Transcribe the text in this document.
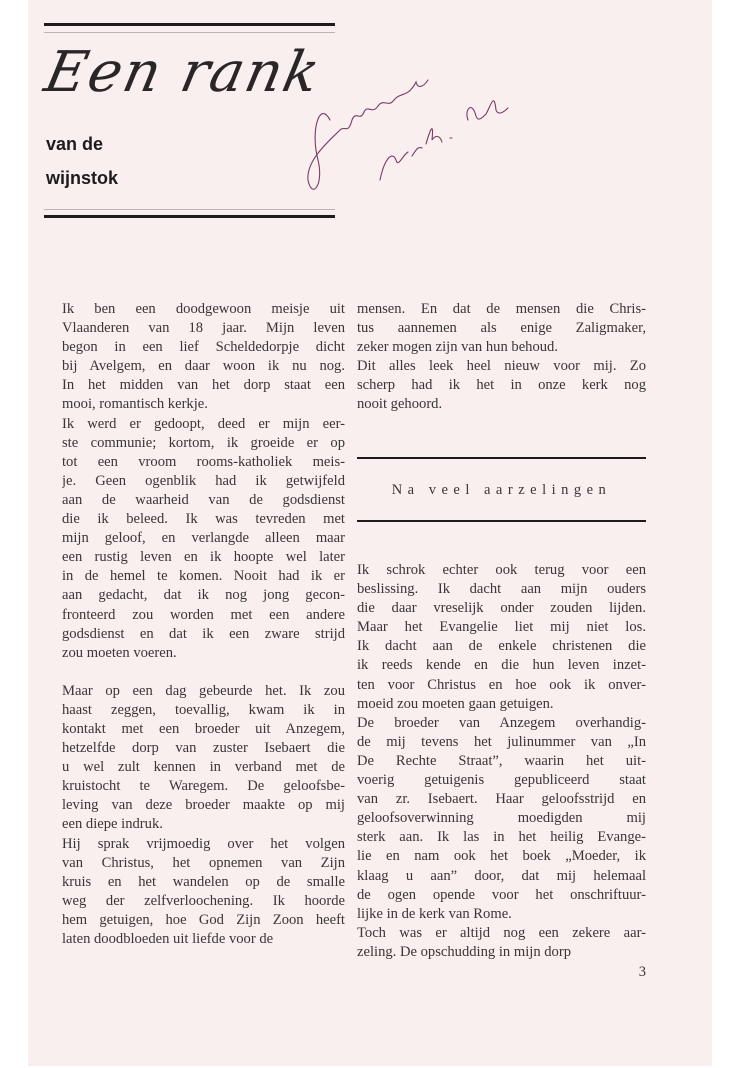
Een rank
van de
wijnstok
Ik ben een doodgewoon meisje uit
Vlaanderen van 18 jaar. Mijn leven
begon in een lief Scheldedorpje dicht
bij Avelgem, en daar woon ik nu nog.
In het midden van het dorp staat een
mooi, romantisch kerkje.
Ik werd er gedoopt, deed er mijn eer-
ste communie; kortom, ik groeide er op
tot een vroom rooms-katholiek meis-
je. Geen ogenblik had ik getwijfeld
aan de waarheid van de godsdienst
die ik beleed. Ik was tevreden met
mijn geloof, en verlangde alleen maar
een rustig leven en ik hoopte wel later
in de hemel te komen. Nooit had ik er
aan gedacht, dat ik nog jong gecon-
fronteerd zou worden met een andere
godsdienst en dat ik een zware strijd
zou moeten voeren.
Maar op een dag gebeurde het. Ik zou
haast zeggen, toevallig, kwam ik in
kontakt met een broeder uit Anzegem,
hetzelfde dorp van zuster Isebaert die
u wel zult kennen in verband met de
kruistocht te Waregem. De geloofsbe-
leving van deze broeder maakte op mij
een diepe indruk.
Hij sprak vrijmoedig over het volgen
van Christus, het opnemen van Zijn
kruis en het wandelen op de smalle
weg der zelfverloochening. Ik hoorde
hem getuigen, hoe God Zijn Zoon heeft
laten doodbloeden uit liefde voor de
mensen. En dat de mensen die Chris-
tus aannemen als enige Zaligmaker,
zeker mogen zijn van hun behoud.
Dit alles leek heel nieuw voor mij. Zo
scherp had ik het in onze kerk nog
nooit gehoord.
Na veel aarzelingen
Ik schrok echter ook terug voor een
beslissing. Ik dacht aan mijn ouders
die daar vreselijk onder zouden lijden.
Maar het Evangelie liet mij niet los.
Ik dacht aan de enkele christenen die
ik reeds kende en die hun leven inzet-
ten voor Christus en hoe ook ik onver-
moeid zou moeten gaan getuigen.
De broeder van Anzegem overhandig-
de mij tevens het julinummer van „In
De Rechte Straat”, waarin het uit-
voerig getuigenis gepubliceerd staat
van zr. Isebaert. Haar geloofsstrijd en
geloofsoverwinning moedigden mij
sterk aan. Ik las in het heilig Evange-
lie en nam ook het boek „Moeder, ik
klaag u aan” door, dat mij helemaal
de ogen opende voor het onschriftuur-
lijke in de kerk van Rome.
Toch was er altijd nog een zekere aar-
zeling. De opschudding in mijn dorp
3
